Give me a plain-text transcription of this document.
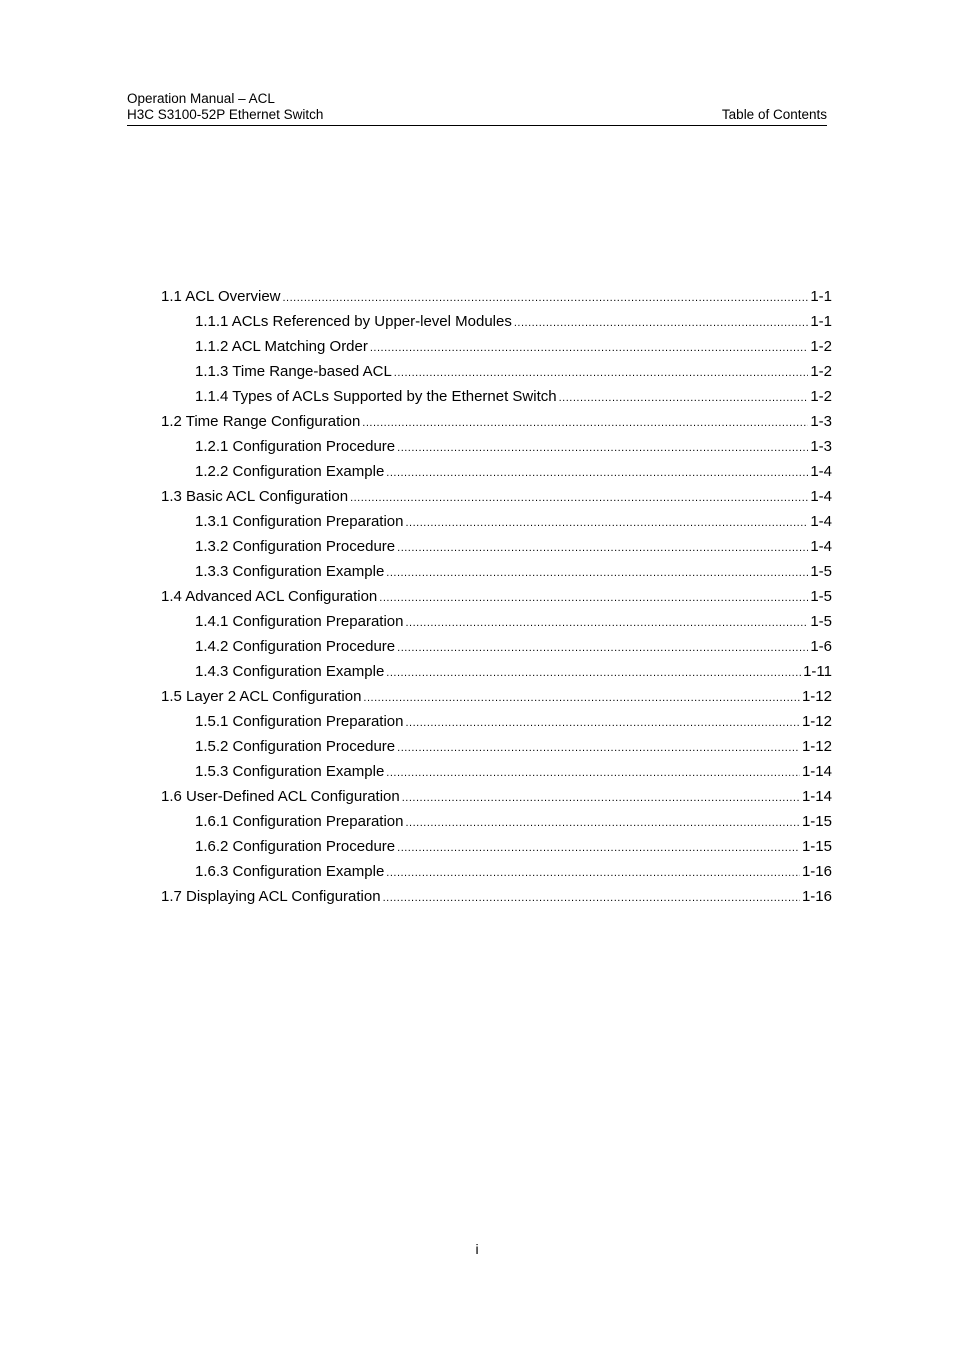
Operation Manual – ACL
H3C S3100-52P Ethernet Switch	Table of Contents
1.1 ACL Overview .....	1-1
1.1.1 ACLs Referenced by Upper-level Modules .....	1-1
1.1.2 ACL Matching Order .....	1-2
1.1.3 Time Range-based ACL .....	1-2
1.1.4 Types of ACLs Supported by the Ethernet Switch .....	1-2
1.2 Time Range Configuration .....	1-3
1.2.1 Configuration Procedure .....	1-3
1.2.2 Configuration Example .....	1-4
1.3 Basic ACL Configuration .....	1-4
1.3.1 Configuration Preparation .....	1-4
1.3.2 Configuration Procedure .....	1-4
1.3.3 Configuration Example .....	1-5
1.4 Advanced ACL Configuration .....	1-5
1.4.1 Configuration Preparation .....	1-5
1.4.2 Configuration Procedure .....	1-6
1.4.3 Configuration Example .....	1-11
1.5 Layer 2 ACL Configuration .....	1-12
1.5.1 Configuration Preparation .....	1-12
1.5.2 Configuration Procedure .....	1-12
1.5.3 Configuration Example .....	1-14
1.6 User-Defined ACL Configuration .....	1-14
1.6.1 Configuration Preparation .....	1-15
1.6.2 Configuration Procedure .....	1-15
1.6.3 Configuration Example .....	1-16
1.7 Displaying ACL Configuration .....	1-16
i
